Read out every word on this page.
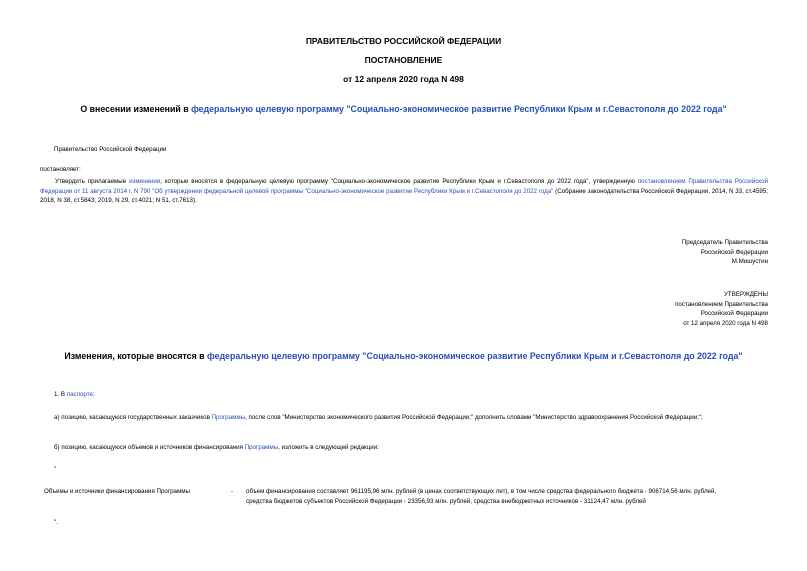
ПРАВИТЕЛЬСТВО РОССИЙСКОЙ ФЕДЕРАЦИИ
ПОСТАНОВЛЕНИЕ
от 12 апреля 2020 года N 498
О внесении изменений в федеральную целевую программу "Социально-экономическое развитие Республики Крым и г.Севастополя до 2022 года"
Правительство Российской Федерации
постановляет:
Утвердить прилагаемые изменения, которые вносятся в федеральную целевую программу "Социально-экономическое развитие Республики Крым и г.Севастополя до 2022 года", утвержденную постановлением Правительства Российской Федерации от 11 августа 2014 г. N 790 "Об утверждении федеральной целевой программы "Социально-экономическое развитие Республики Крым и г.Севастополя до 2022 года" (Собрание законодательства Российской Федерации, 2014, N 33, ст.4595; 2018, N 38, ст.5843; 2019, N 29, ст.4021; N 51, ст.7613).
Председатель Правительства
Российской Федерации
М.Мишустин
УТВЕРЖДЕНЫ
постановлением Правительства
Российской Федерации
от 12 апреля 2020 года N 498
Изменения, которые вносятся в федеральную целевую программу "Социально-экономическое развитие Республики Крым и г.Севастополя до 2022 года"
1. В паспорте:
а) позицию, касающуюся государственных заказчиков Программы, после слов "Министерство экономического развития Российской Федерации;" дополнить словами "Министерство здравоохранения Российской Федерации;";
б) позицию, касающуюся объемов и источников финансирования Программы, изложить в следующей редакции:
"
Объемы и источники финансирования Программы	- объем финансирования составляет 961195,96 млн. рублей (в ценах соответствующих лет), в том числе средства федерального бюджета - 906714,56 млн. рублей,
средства бюджетов субъектов Российской Федерации - 23356,93 млн. рублей, средства внебюджетных источников - 31124,47 млн. рублей
".
